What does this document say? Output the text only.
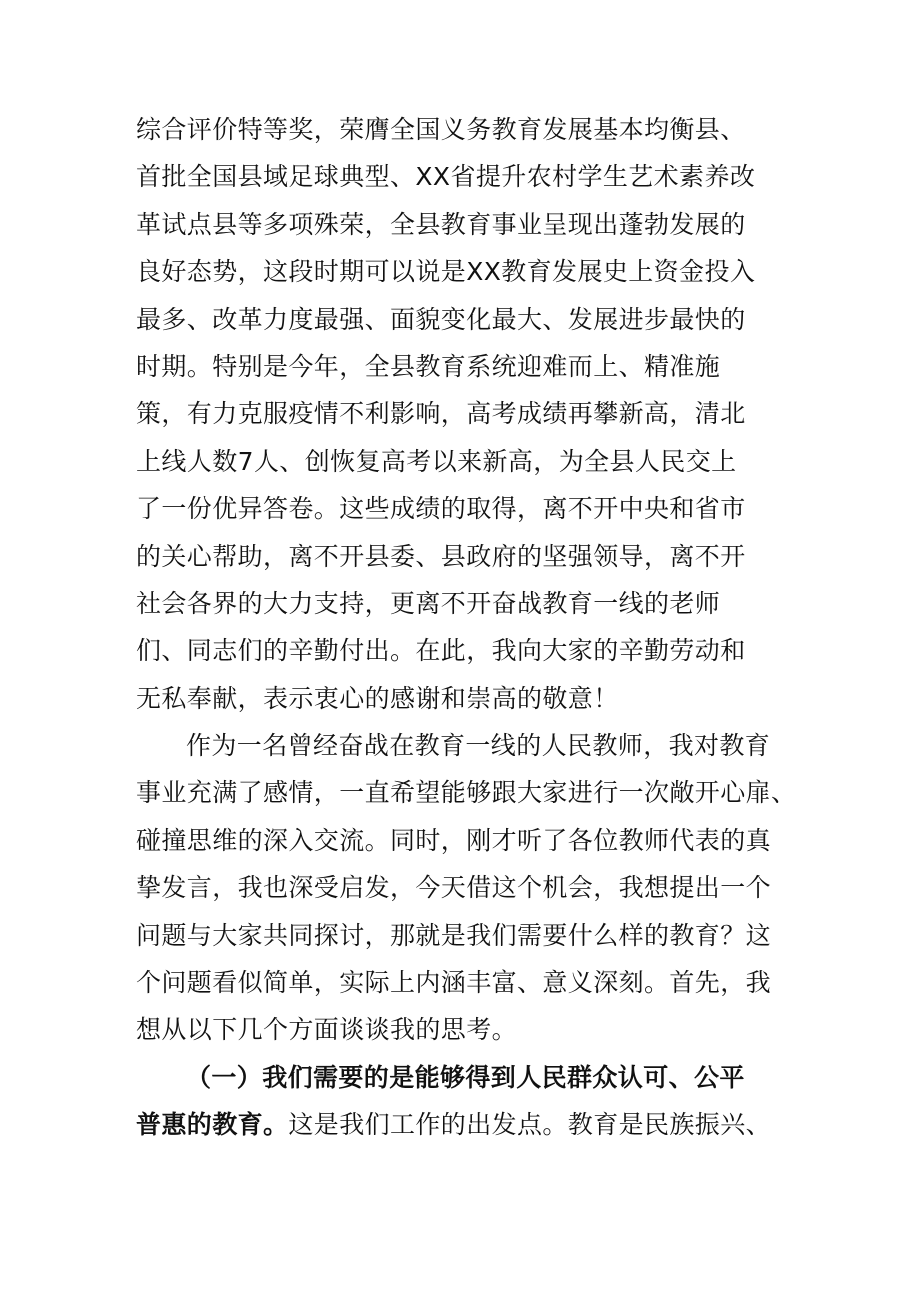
综合评价特等奖，荣膺全国义务教育发展基本均衡县、
首批全国县域足球典型、XX省提升农村学生艺术素养改
革试点县等多项殊荣，全县教育事业呈现出蓬勃发展的
良好态势，这段时期可以说是XX教育发展史上资金投入
最多、改革力度最强、面貌变化最大、发展进步最快的
时期。特别是今年，全县教育系统迎难而上、精准施
策，有力克服疫情不利影响，高考成绩再攀新高，清北
上线人数7人、创恢复高考以来新高，为全县人民交上
了一份优异答卷。这些成绩的取得，离不开中央和省市
的关心帮助，离不开县委、县政府的坚强领导，离不开
社会各界的大力支持，更离不开奋战教育一线的老师
们、同志们的辛勤付出。在此，我向大家的辛勤劳动和
无私奉献，表示衷心的感谢和崇高的敬意！
作为一名曾经奋战在教育一线的人民教师，我对教育
事业充满了感情，一直希望能够跟大家进行一次敞开心扉、
碰撞思维的深入交流。同时，刚才听了各位教师代表的真
挚发言，我也深受启发，今天借这个机会，我想提出一个
问题与大家共同探讨，那就是我们需要什么样的教育？这
个问题看似简单，实际上内涵丰富、意义深刻。首先，我
想从以下几个方面谈谈我的思考。
（一）我们需要的是能够得到人民群众认可、公平
普惠的教育。这是我们工作的出发点。教育是民族振兴、
